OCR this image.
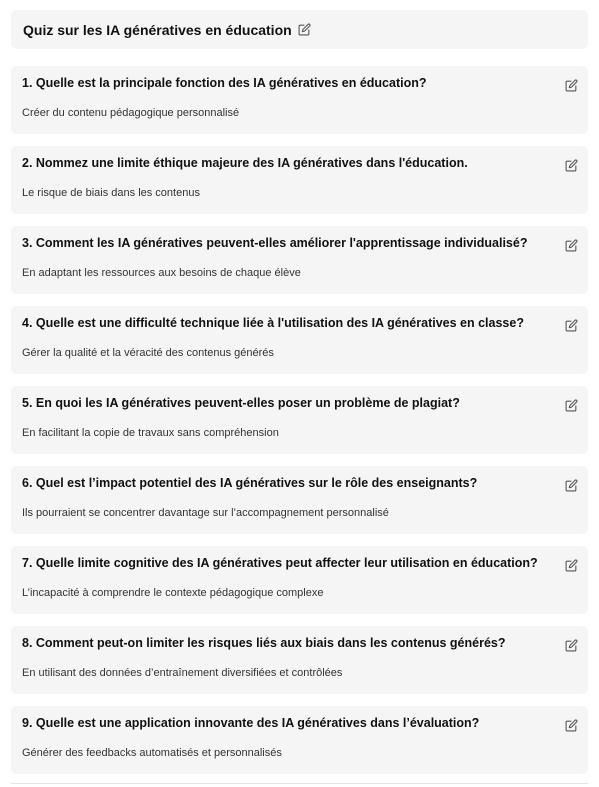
Quiz sur les IA génératives en éducation
1. Quelle est la principale fonction des IA génératives en éducation?
Créer du contenu pédagogique personnalisé
2. Nommez une limite éthique majeure des IA génératives dans l'éducation.
Le risque de biais dans les contenus
3. Comment les IA génératives peuvent-elles améliorer l'apprentissage individualisé?
En adaptant les ressources aux besoins de chaque élève
4. Quelle est une difficulté technique liée à l'utilisation des IA génératives en classe?
Gérer la qualité et la véracité des contenus générés
5. En quoi les IA génératives peuvent-elles poser un problème de plagiat?
En facilitant la copie de travaux sans compréhension
6. Quel est l’impact potentiel des IA génératives sur le rôle des enseignants?
Ils pourraient se concentrer davantage sur l’accompagnement personnalisé
7. Quelle limite cognitive des IA génératives peut affecter leur utilisation en éducation?
L’incapacité à comprendre le contexte pédagogique complexe
8. Comment peut-on limiter les risques liés aux biais dans les contenus générés?
En utilisant des données d’entraînement diversifiées et contrôlées
9. Quelle est une application innovante des IA génératives dans l’évaluation?
Générer des feedbacks automatisés et personnalisés
